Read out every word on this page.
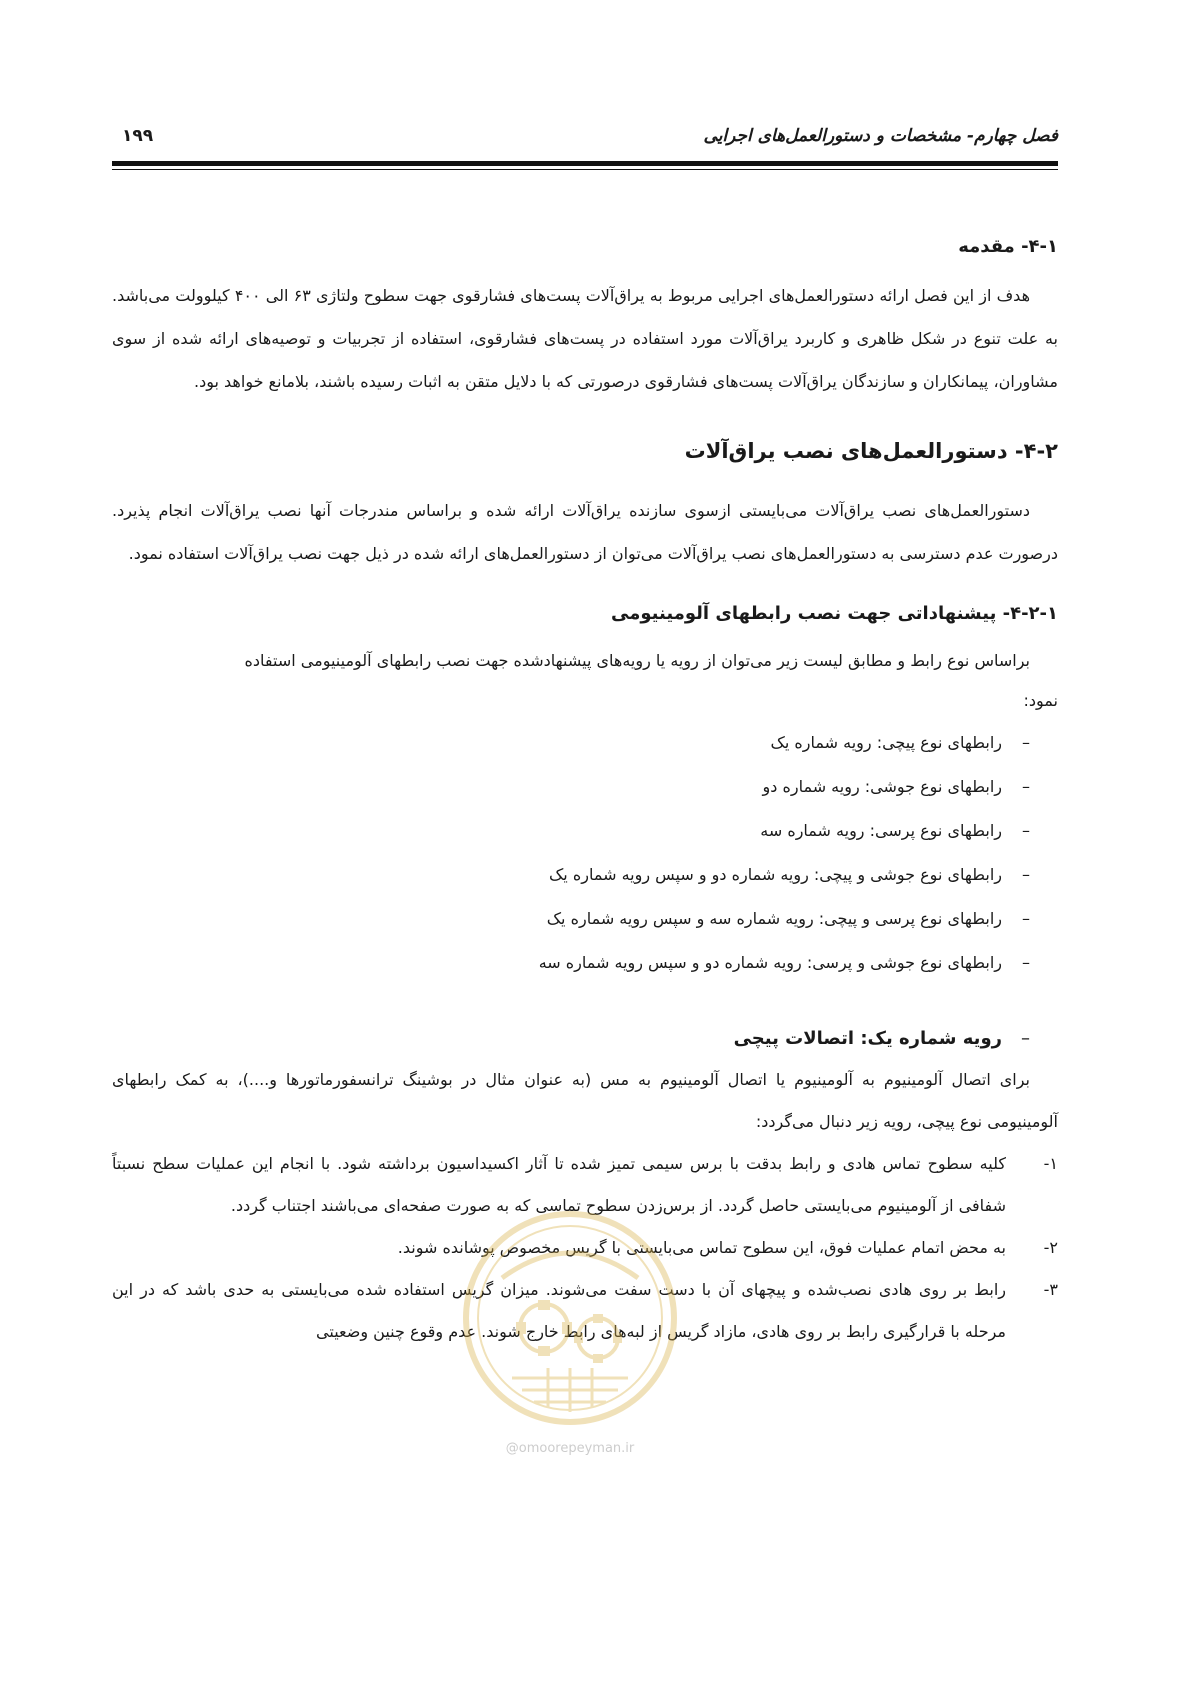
فصل چهارم- مشخصات و دستورالعمل‌های اجرایی
۱۹۹
۴-۱- مقدمه

هدف از این فصل ارائه دستورالعمل‌های اجرایی مربوط به یراق‌آلات پست‌های فشارقوی جهت سطوح ولتاژی ۶۳ الی ۴۰۰ کیلوولت می‌باشد. به علت تنوع در شکل ظاهری و کاربرد یراق‌آلات مورد استفاده در پست‌های فشارقوی، استفاده از تجربیات و توصیه‌های ارائه شده از سوی مشاوران، پیمانکاران و سازندگان یراق‌آلات پست‌های فشارقوی درصورتی که با دلایل متقن به اثبات رسیده باشند، بلامانع خواهد بود.

۴-۲- دستورالعمل‌های نصب یراق‌آلات

دستورالعمل‌های نصب یراق‌آلات می‌بایستی ازسوی سازنده یراق‌آلات ارائه شده و براساس مندرجات آنها نصب یراق‌آلات انجام پذیرد. درصورت عدم دسترسی به دستورالعمل‌های نصب یراق‌آلات می‌توان از دستورالعمل‌های ارائه شده در ذیل جهت نصب یراق‌آلات استفاده نمود.

۴-۲-۱- پیشنهاداتی جهت نصب رابطهای آلومینیومی

براساس نوع رابط و مطابق لیست زیر می‌توان از رویه یا رویه‌های پیشنهادشده جهت نصب رابطهای آلومینیومی استفاده نمود:

–
رابطهای نوع پیچی: رویه شماره یک
–
رابطهای نوع جوشی: رویه شماره دو
–
رابطهای نوع پرسی: رویه شماره سه
–
رابطهای نوع جوشی و پیچی: رویه شماره دو و سپس رویه شماره یک
–
رابطهای نوع پرسی و پیچی: رویه شماره سه و سپس رویه شماره یک
–
رابطهای نوع جوشی و پرسی: رویه شماره دو و سپس رویه شماره سه
–
رویه شماره یک: اتصالات پیچی

برای اتصال آلومینیوم به آلومینیوم یا اتصال آلومینیوم به مس (به عنوان مثال در بوشینگ ترانسفورماتورها و....)، به کمک رابطهای آلومینیومی نوع پیچی، رویه زیر دنبال می‌گردد:

۱-
کلیه سطوح تماس هادی و رابط بدقت با برس سیمی تمیز شده تا آثار اکسیداسیون برداشته شود. با انجام این عملیات سطح نسبتاً شفافی از آلومینیوم می‌بایستی حاصل گردد. از برس‌زدن سطوح تماسی که به صورت صفحه‌ای می‌باشند اجتناب گردد.
۲-
به محض اتمام عملیات فوق، این سطوح تماس می‌بایستی با گریس مخصوص پوشانده شوند.
۳-
رابط بر روی هادی نصب‌شده و پیچهای آن با دست سفت می‌شوند. میزان گریس استفاده شده می‌بایستی به حدی باشد که در این مرحله با قرارگیری رابط بر روی هادی، مازاد گریس از لبه‌های رابط خارج شوند. عدم وقوع چنین وضعیتی
@omoorepeyman.ir
